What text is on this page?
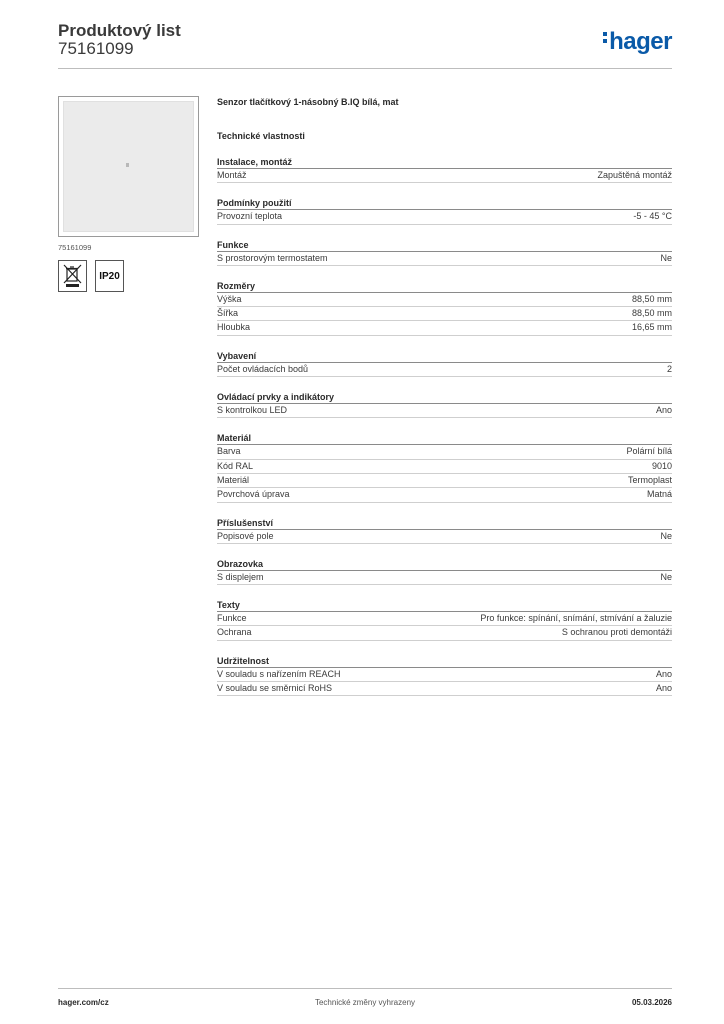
Produktový list
75161099	hager
75161099
IP20
Senzor tlačítkový 1-násobný B.IQ bílá, mat
Technické vlastnosti
Instalace, montáž
Montáž	Zapuštěná montáž
Podmínky použití
Provozní teplota	-5 - 45 °C
Funkce
S prostorovým termostatem	Ne
Rozměry
Výška	88,50 mm
Šířka	88,50 mm
Hloubka	16,65 mm
Vybavení
Počet ovládacích bodů	2
Ovládací prvky a indikátory
S kontrolkou LED	Ano
Materiál
Barva	Polární bílá
Kód RAL	9010
Materiál	Termoplast
Povrchová úprava	Matná
Příslušenství
Popisové pole	Ne
Obrazovka
S displejem	Ne
Texty
Funkce	Pro funkce: spínání, snímání, stmívání a žaluzie
Ochrana	S ochranou proti demontáži
Udržitelnost
V souladu s nařízením REACH	Ano
V souladu se směrnicí RoHS	Ano
hager.com/cz	Technické změny vyhrazeny	05.03.2026
